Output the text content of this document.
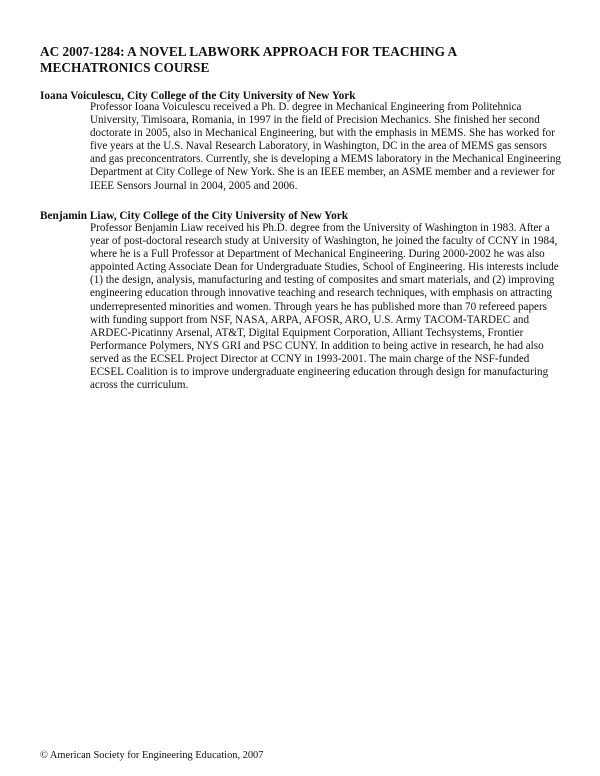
AC 2007-1284: A NOVEL LABWORK APPROACH FOR TEACHING A MECHATRONICS COURSE
Ioana Voiculescu, City College of the City University of New York
Professor Ioana Voiculescu received a Ph. D. degree in Mechanical Engineering from Politehnica University, Timisoara, Romania, in 1997 in the field of Precision Mechanics. She finished her second doctorate in 2005, also in Mechanical Engineering, but with the emphasis in MEMS. She has worked for five years at the U.S. Naval Research Laboratory, in Washington, DC in the area of MEMS gas sensors and gas preconcentrators. Currently, she is developing a MEMS laboratory in the Mechanical Engineering Department at City College of New York. She is an IEEE member, an ASME member and a reviewer for IEEE Sensors Journal in 2004, 2005 and 2006.
Benjamin Liaw, City College of the City University of New York
Professor Benjamin Liaw received his Ph.D. degree from the University of Washington in 1983. After a year of post-doctoral research study at University of Washington, he joined the faculty of CCNY in 1984, where he is a Full Professor at Department of Mechanical Engineering. During 2000-2002 he was also appointed Acting Associate Dean for Undergraduate Studies, School of Engineering. His interests include (1) the design, analysis, manufacturing and testing of composites and smart materials, and (2) improving engineering education through innovative teaching and research techniques, with emphasis on attracting underrepresented minorities and women. Through years he has published more than 70 refereed papers with funding support from NSF, NASA, ARPA, AFOSR, ARO, U.S. Army TACOM-TARDEC and ARDEC-Picatinny Arsenal, AT&T, Digital Equipment Corporation, Alliant Techsystems, Frontier Performance Polymers, NYS GRI and PSC CUNY. In addition to being active in research, he had also served as the ECSEL Project Director at CCNY in 1993-2001. The main charge of the NSF-funded ECSEL Coalition is to improve undergraduate engineering education through design for manufacturing across the curriculum.
© American Society for Engineering Education, 2007
